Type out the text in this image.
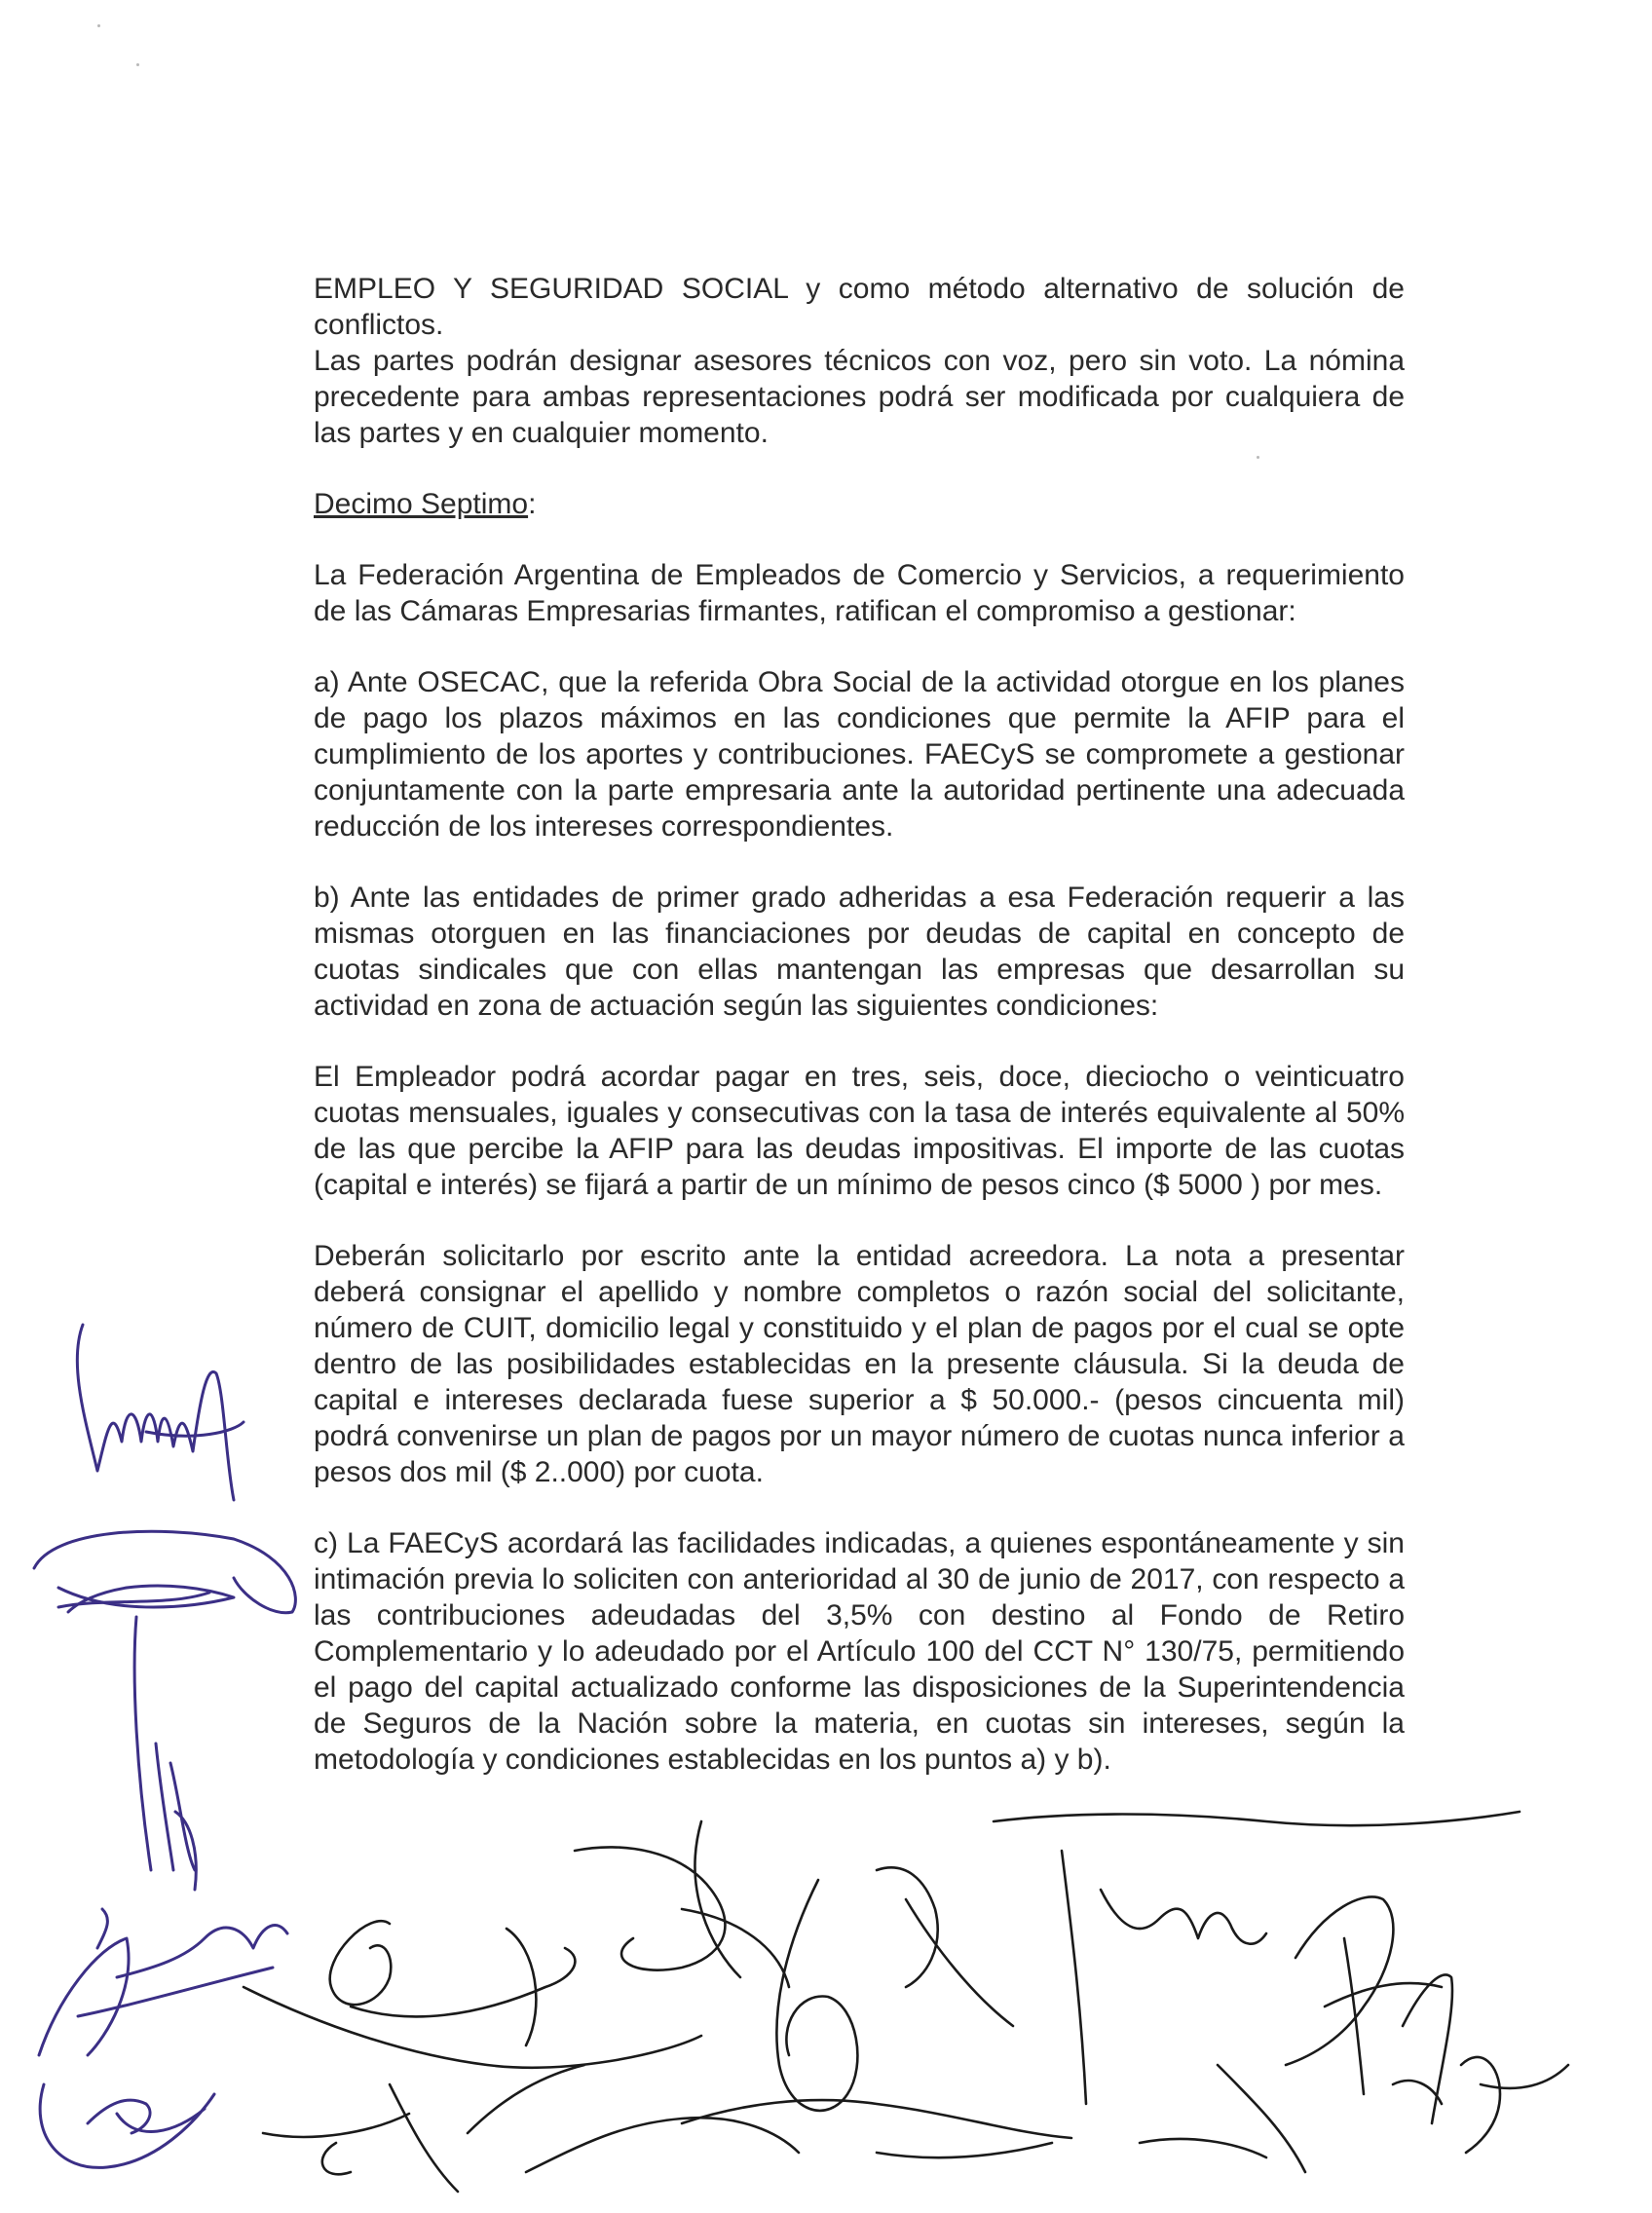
EMPLEO Y SEGURIDAD SOCIAL y como método alternativo de solución de conflictos.

Las partes podrán designar asesores técnicos con voz, pero sin voto. La nómina precedente para ambas representaciones podrá ser modificada por cualquiera de las partes y en cualquier momento.

Decimo Septimo:

La Federación Argentina de Empleados de Comercio y Servicios, a requerimiento de las Cámaras Empresarias firmantes, ratifican el compromiso a gestionar:

a) Ante OSECAC, que la referida Obra Social de la actividad otorgue en los planes de pago los plazos máximos en las condiciones que permite la AFIP para el cumplimiento de los aportes y contribuciones. FAECyS se compromete a gestionar conjuntamente con la parte empresaria ante la autoridad pertinente una adecuada reducción de los intereses correspondientes.

b) Ante las entidades de primer grado adheridas a esa Federación requerir a las mismas otorguen en las financiaciones por deudas de capital en concepto de cuotas sindicales que con ellas mantengan las empresas que desarrollan su actividad en zona de actuación según las siguientes condiciones:

El Empleador podrá acordar pagar en tres, seis, doce, dieciocho o veinticuatro cuotas mensuales, iguales y consecutivas con la tasa de interés equivalente al 50% de las que percibe la AFIP para las deudas impositivas. El importe de las cuotas (capital e interés) se fijará a partir de un mínimo de pesos cinco ($ 5000 ) por mes.

Deberán solicitarlo por escrito ante la entidad acreedora. La nota a presentar deberá consignar el apellido y nombre completos o razón social del solicitante, número de CUIT, domicilio legal y constituido y el plan de pagos por el cual se opte dentro de las posibilidades establecidas en la presente cláusula. Si la deuda de capital e intereses declarada fuese superior a $ 50.000.- (pesos cincuenta mil) podrá convenirse un plan de pagos por un mayor número de cuotas nunca inferior a pesos dos mil ($ 2..000) por cuota.

c) La FAECyS acordará las facilidades indicadas, a quienes espontáneamente y sin intimación previa lo soliciten con anterioridad al 30 de junio de 2017, con respecto a las contribuciones adeudadas del 3,5% con destino al Fondo de Retiro Complementario y lo adeudado por el Artículo 100 del CCT N° 130/75, permitiendo el pago del capital actualizado conforme las disposiciones de la Superintendencia de Seguros de la Nación sobre la materia, en cuotas sin intereses, según la metodología y condiciones establecidas en los puntos a) y b).
